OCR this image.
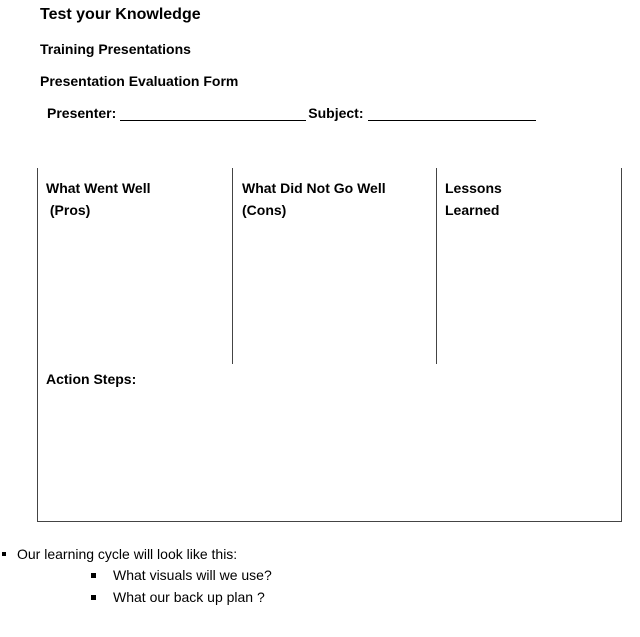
Test your Knowledge
Training Presentations
Presentation Evaluation Form
Presenter:	Subject:
What Went Well
(Pros)
What Did Not Go Well
(Cons)
Lessons
Learned
Action Steps:
Our learning cycle will look like this:
What visuals will we use?
What our back up plan ?
